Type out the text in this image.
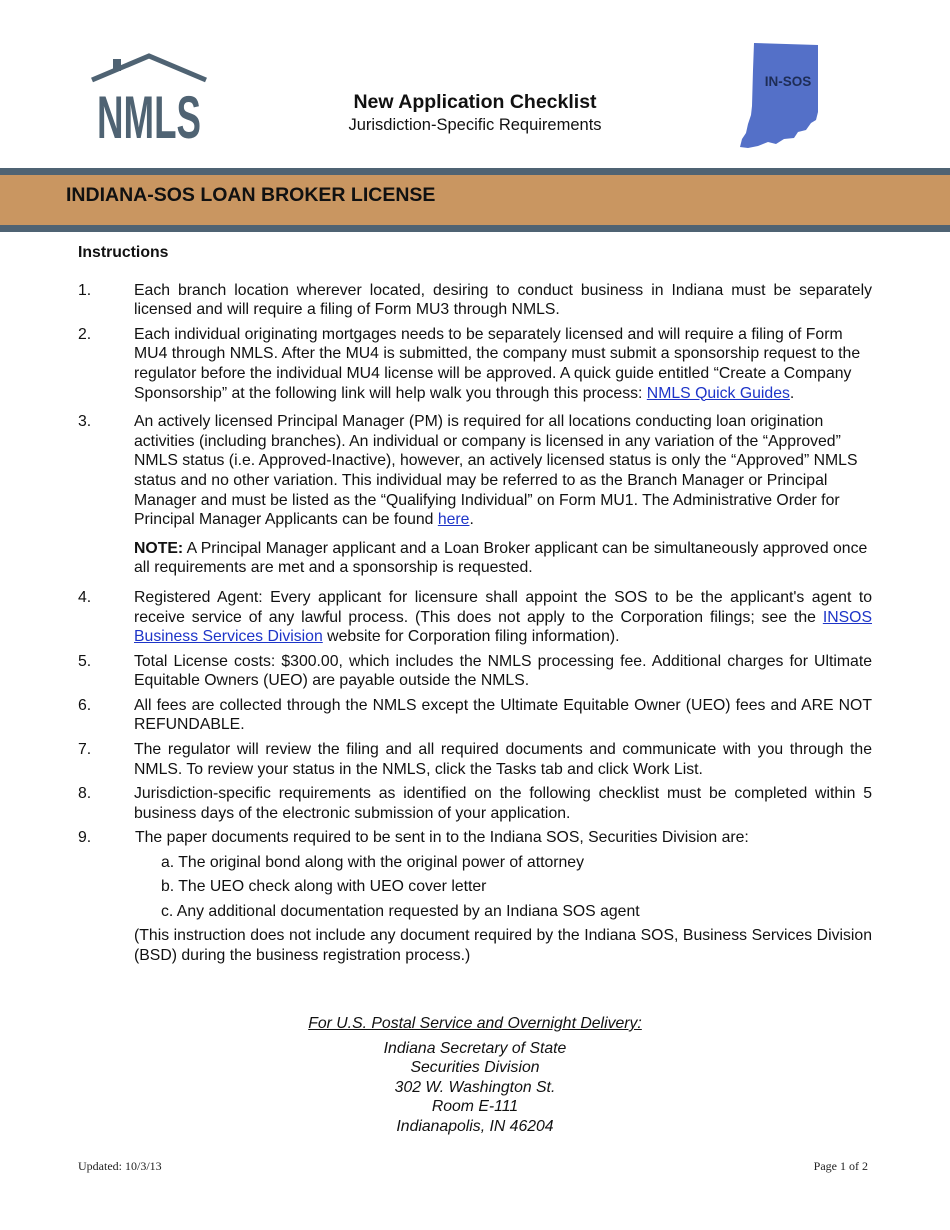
NMLS	New Application Checklist
Jurisdiction-Specific Requirements
IN-SOS
INDIANA-SOS LOAN BROKER LICENSE
Instructions
1.	Each branch location wherever located, desiring to conduct business in Indiana must be separately licensed and will require a filing of Form MU3 through NMLS.
2.	Each individual originating mortgages needs to be separately licensed and will require a filing of Form MU4 through NMLS. After the MU4 is submitted, the company must submit a sponsorship request to the regulator before the individual MU4 license will be approved. A quick guide entitled “Create a Company Sponsorship” at the following link will help walk you through this process: NMLS Quick Guides.
3.	An actively licensed Principal Manager (PM) is required for all locations conducting loan origination activities (including branches). An individual or company is licensed in any variation of the “Approved” NMLS status (i.e. Approved-Inactive), however, an actively licensed status is only the “Approved” NMLS status and no other variation. This individual may be referred to as the Branch Manager or Principal Manager and must be listed as the “Qualifying Individual” on Form MU1. The Administrative Order for Principal Manager Applicants can be found here.
NOTE: A Principal Manager applicant and a Loan Broker applicant can be simultaneously approved once all requirements are met and a sponsorship is requested.
4.	Registered Agent: Every applicant for licensure shall appoint the SOS to be the applicant's agent to receive service of any lawful process. (This does not apply to the Corporation filings; see the INSOS Business Services Division website for Corporation filing information).
5.	Total License costs: $300.00, which includes the NMLS processing fee. Additional charges for Ultimate Equitable Owners (UEO) are payable outside the NMLS.
6.	All fees are collected through the NMLS except the Ultimate Equitable Owner (UEO) fees and ARE NOT REFUNDABLE.
7.	The regulator will review the filing and all required documents and communicate with you through the NMLS. To review your status in the NMLS, click the Tasks tab and click Work List.
8.	Jurisdiction-specific requirements as identified on the following checklist must be completed within 5 business days of the electronic submission of your application.
9.	The paper documents required to be sent in to the Indiana SOS, Securities Division are:
a. The original bond along with the original power of attorney
b. The UEO check along with UEO cover letter
c. Any additional documentation requested by an Indiana SOS agent
(This instruction does not include any document required by the Indiana SOS, Business Services Division (BSD) during the business registration process.)
For U.S. Postal Service and Overnight Delivery:
Indiana Secretary of State
Securities Division
302 W. Washington St.
Room E-111
Indianapolis, IN 46204
Updated: 10/3/13	Page 1 of 2
